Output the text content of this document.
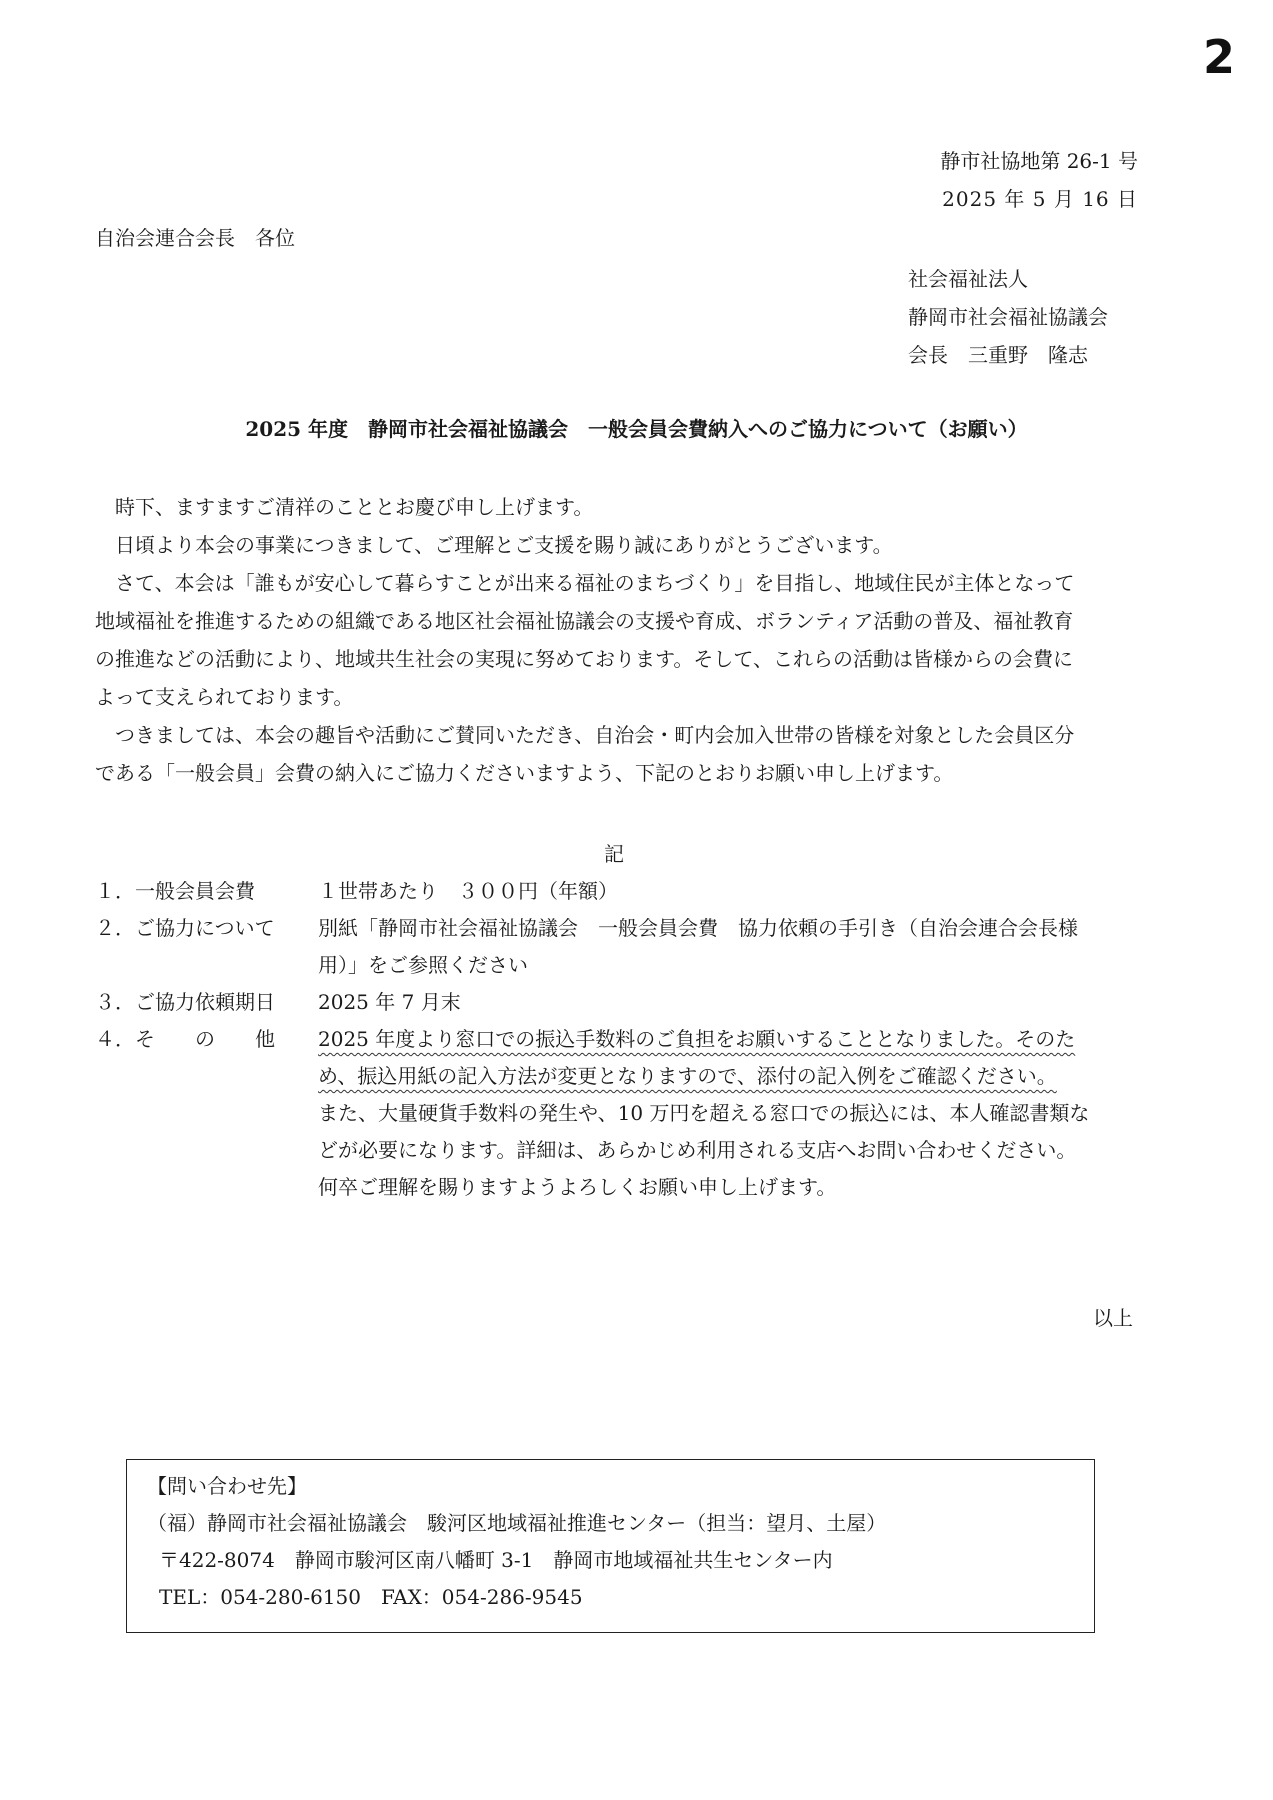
2
静市社協地第 26-1 号
2025 年 5 月 16 日
自治会連合会長　各位
社会福祉法人
静岡市社会福祉協議会
会長　三重野　隆志
2025 年度　静岡市社会福祉協議会　一般会員会費納入へのご協力について（お願い）

時下、ますますご清祥のこととお慶び申し上げます。

日頃より本会の事業につきまして、ご理解とご支援を賜り誠にありがとうございます。

さて、本会は「誰もが安心して暮らすことが出来る福祉のまちづくり」を目指し、地域住民が主体となって地域福祉を推進するための組織である地区社会福祉協議会の支援や育成、ボランティア活動の普及、福祉教育の推進などの活動により、地域共生社会の実現に努めております。そして、これらの活動は皆様からの会費によって支えられております。

つきましては、本会の趣旨や活動にご賛同いただき、自治会・町内会加入世帯の皆様を対象とした会員区分である「一般会員」会費の納入にご協力くださいますよう、下記のとおりお願い申し上げます。

記
１．一般会員会費	１世帯あたり　３００円（年額）

２．ご協力について	別紙「静岡市社会福祉協議会　一般会員会費　協力依頼の手引き（自治会連合会長様用）」をご参照ください

３．ご協力依頼期日	2025 年 7 月末

４．そ　　の　　他	2025 年度より窓口での振込手数料のご負担をお願いすることとなりました。そのため、振込用紙の記入方法が変更となりますので、添付の記入例をご確認ください。

また、大量硬貨手数料の発生や、10 万円を超える窓口での振込には、本人確認書類などが必要になります。詳細は、あらかじめ利用される支店へお問い合わせください。

何卒ご理解を賜りますようよろしくお願い申し上げます。

以上
【問い合わせ先】
（福）静岡市社会福祉協議会　駿河区地域福祉推進センター（担当：望月、土屋）
〒422-8074　静岡市駿河区南八幡町 3-1　静岡市地域福祉共生センター内
TEL：054-280-6150　FAX：054-286-9545
